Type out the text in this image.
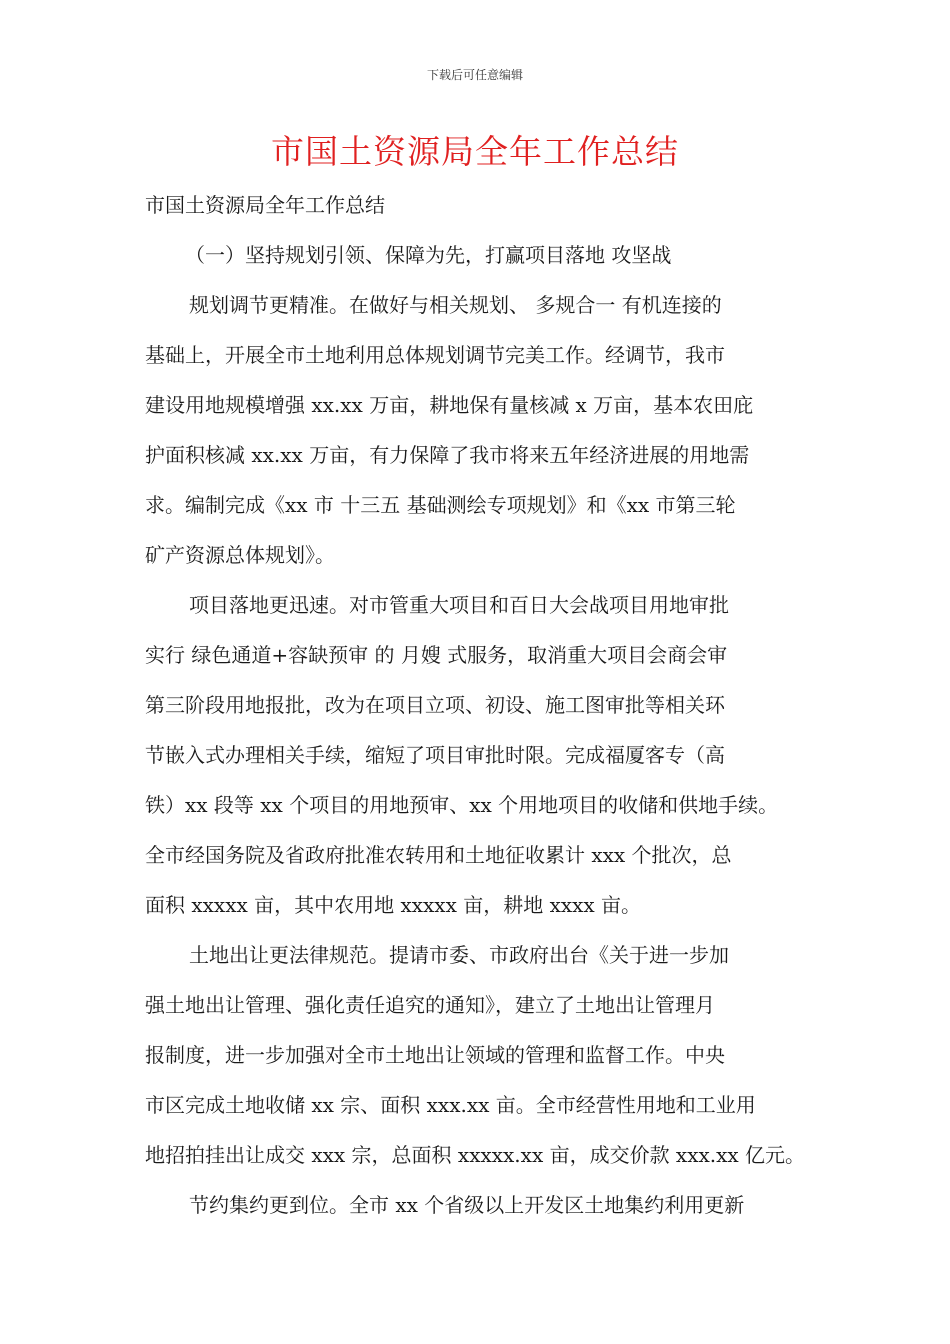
下载后可任意编辑
市国土资源局全年工作总结
市国土资源局全年工作总结
（一）坚持规划引领、保障为先，打赢项目落地 攻坚战
规划调节更精准。在做好与相关规划、 多规合一 有机连接的
基础上，开展全市土地利用总体规划调节完美工作。经调节，我市
建设用地规模增强 xx.xx 万亩，耕地保有量核减 x 万亩，基本农田庇
护面积核减 xx.xx 万亩，有力保障了我市将来五年经济进展的用地需
求。编制完成《xx 市 十三五 基础测绘专项规划》和《xx 市第三轮
矿产资源总体规划》。
项目落地更迅速。对市管重大项目和百日大会战项目用地审批
实行 绿色通道+容缺预审 的 月嫂 式服务，取消重大项目会商会审
第三阶段用地报批，改为在项目立项、初设、施工图审批等相关环
节嵌入式办理相关手续，缩短了项目审批时限。完成福厦客专（高
铁）xx 段等 xx 个项目的用地预审、xx 个用地项目的收储和供地手续。
全市经国务院及省政府批准农转用和土地征收累计 xxx 个批次，总
面积 xxxxx 亩，其中农用地 xxxxx 亩，耕地 xxxx 亩。
土地出让更法律规范。提请市委、市政府出台《关于进一步加
强土地出让管理、强化责任追究的通知》，建立了土地出让管理月
报制度，进一步加强对全市土地出让领域的管理和监督工作。中央
市区完成土地收储 xx 宗、面积 xxx.xx 亩。全市经营性用地和工业用
地招拍挂出让成交 xxx 宗，总面积 xxxxx.xx 亩，成交价款 xxx.xx 亿元。
节约集约更到位。全市 xx 个省级以上开发区土地集约利用更新
